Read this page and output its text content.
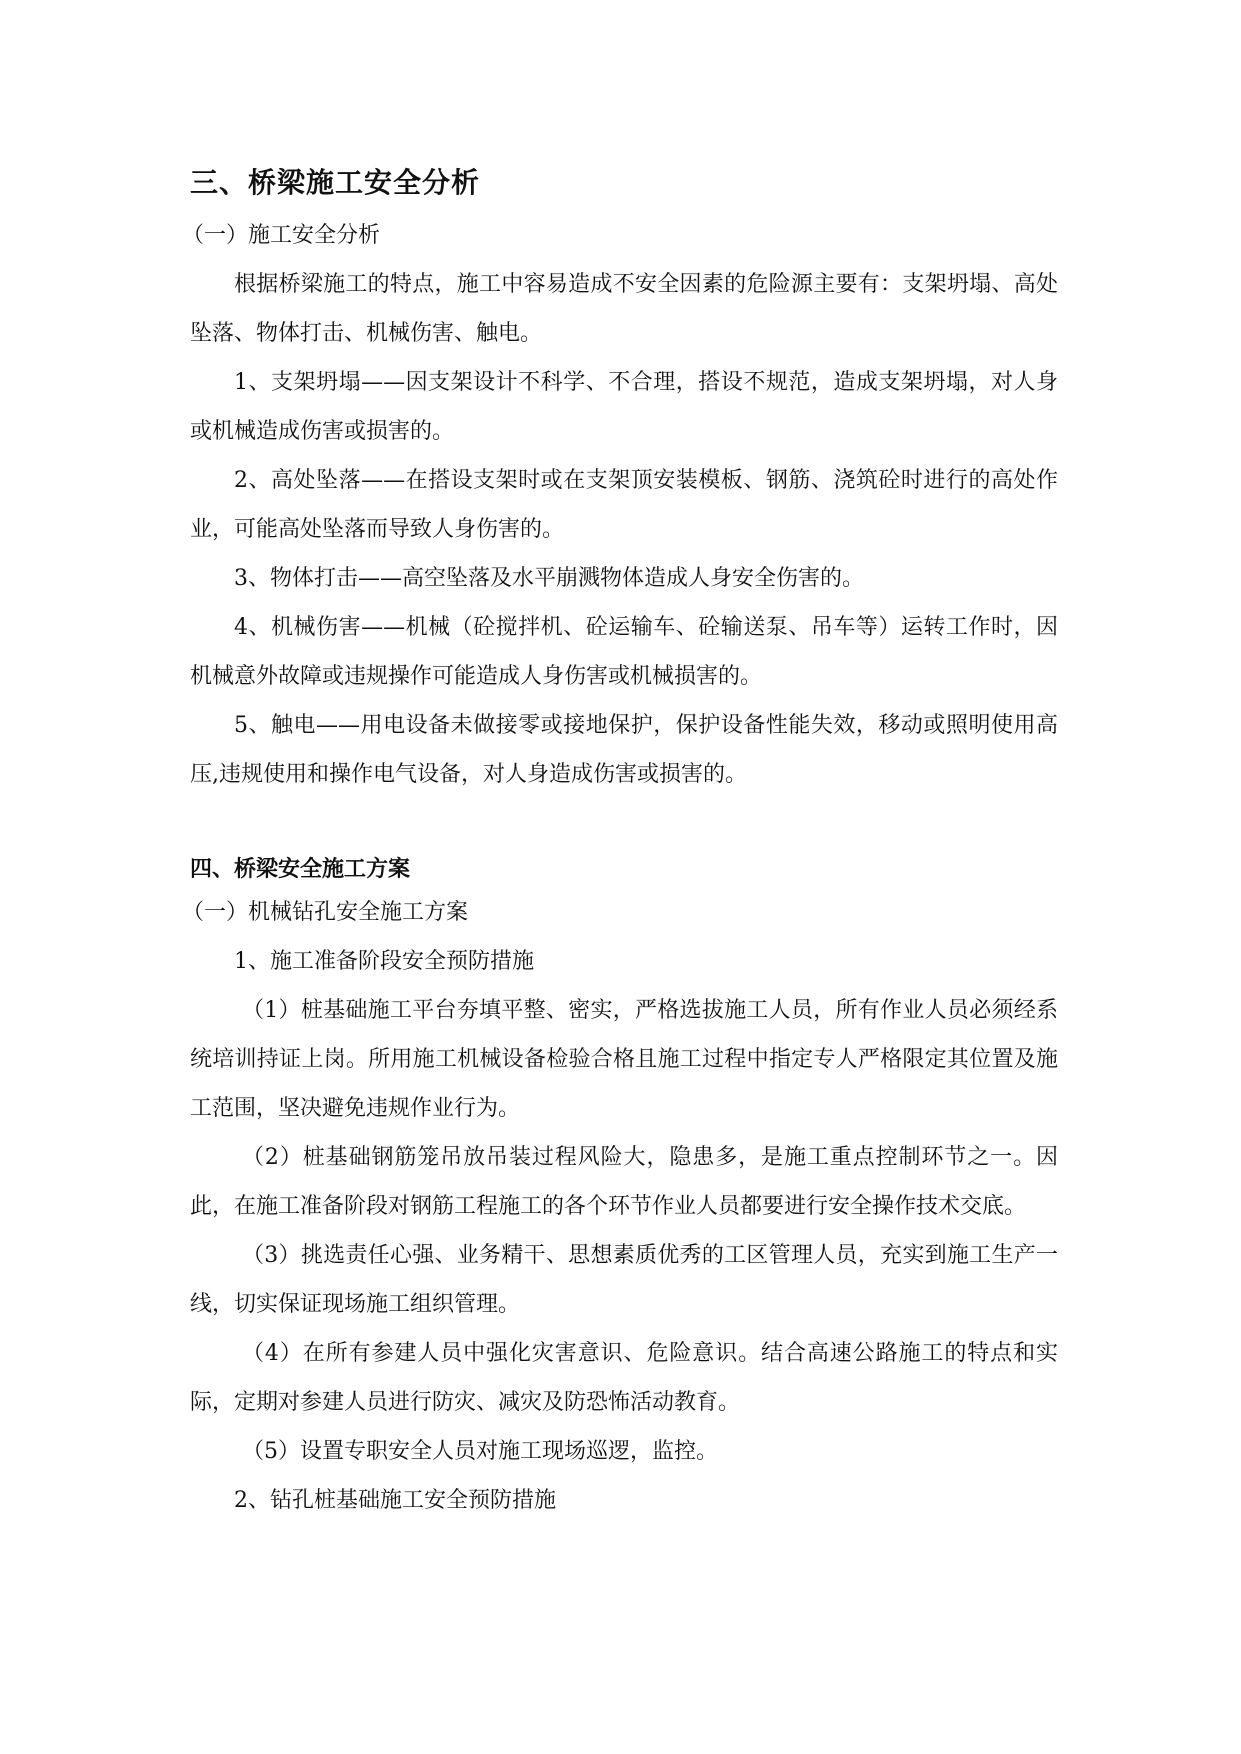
三、桥梁施工安全分析
（一）施工安全分析

根据桥梁施工的特点，施工中容易造成不安全因素的危险源主要有：支架坍塌、高处坠落、物体打击、机械伤害、触电。

1、支架坍塌——因支架设计不科学、不合理，搭设不规范，造成支架坍塌，对人身或机械造成伤害或损害的。

2、高处坠落——在搭设支架时或在支架顶安装模板、钢筋、浇筑砼时进行的高处作业，可能高处坠落而导致人身伤害的。

3、物体打击——高空坠落及水平崩溅物体造成人身安全伤害的。

4、机械伤害——机械（砼搅拌机、砼运输车、砼输送泵、吊车等）运转工作时，因机械意外故障或违规操作可能造成人身伤害或机械损害的。

5、触电——用电设备未做接零或接地保护，保护设备性能失效，移动或照明使用高压,违规使用和操作电气设备，对人身造成伤害或损害的。

四、桥梁安全施工方案
（一）机械钻孔安全施工方案

1、施工准备阶段安全预防措施

（1）桩基础施工平台夯填平整、密实，严格选拔施工人员，所有作业人员必须经系统培训持证上岗。所用施工机械设备检验合格且施工过程中指定专人严格限定其位置及施工范围，坚决避免违规作业行为。

（2）桩基础钢筋笼吊放吊装过程风险大，隐患多，是施工重点控制环节之一。因此，在施工准备阶段对钢筋工程施工的各个环节作业人员都要进行安全操作技术交底。

（3）挑选责任心强、业务精干、思想素质优秀的工区管理人员，充实到施工生产一线，切实保证现场施工组织管理。

（4）在所有参建人员中强化灾害意识、危险意识。结合高速公路施工的特点和实际，定期对参建人员进行防灾、减灾及防恐怖活动教育。

（5）设置专职安全人员对施工现场巡逻，监控。

2、钻孔桩基础施工安全预防措施
